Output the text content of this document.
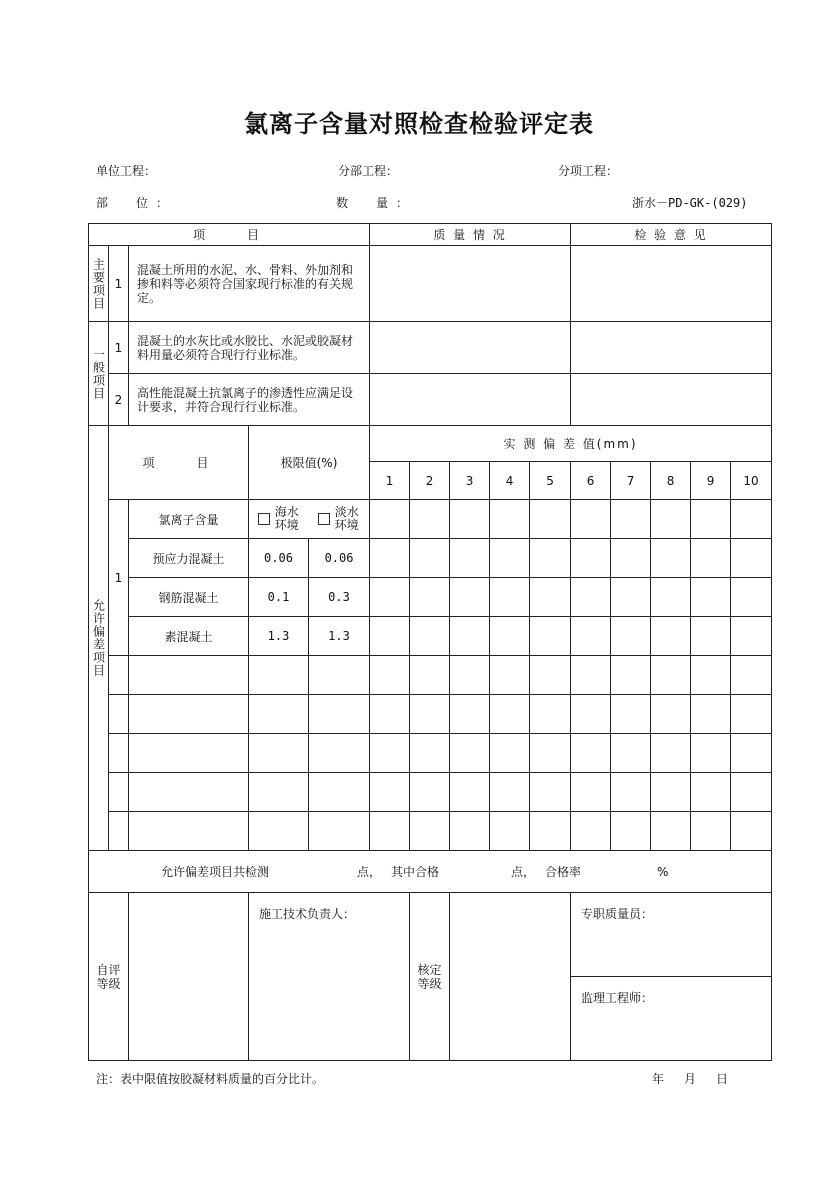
氯离子含量对照检查检验评定表
单位工程：	分部工程：	分项工程：
部　位：	数　量：	浙水－PD-GK-(029)
项　　目					质 量 情 况					检 验 意 见				

主要项目	1	混凝土所用的水泥、水、骨料、外加剂和掺和料等必须符合国家现行标准的有关规定。												

一般项目	1	混凝土的水灰比或水胶比、水泥或胶凝材料用量必须符合现行行业标准。												
	2	高性能混凝土抗氯离子的渗透性应满足设计要求，并符合现行行业标准。												

允许偏差项目	项　　目		极限值(%)		实 测 偏 差 值(mm)									
					1	2	3	4	5	6	7	8	9	10
	1	氯离子含量	海水环境	淡水环境										
		预应力混凝土	0.06	0.06										
		钢筋混凝土	0.1	0.3										
		素混凝土	1.3	1.3										

允许偏差项目共检测 点， 其中合格 点， 合格率 %														

自评等级			施工技术负责人：			核定等级				专职质量员：				
										监理工程师：				
注：表中限值按胶凝材料质量的百分比计。	年　月　日
